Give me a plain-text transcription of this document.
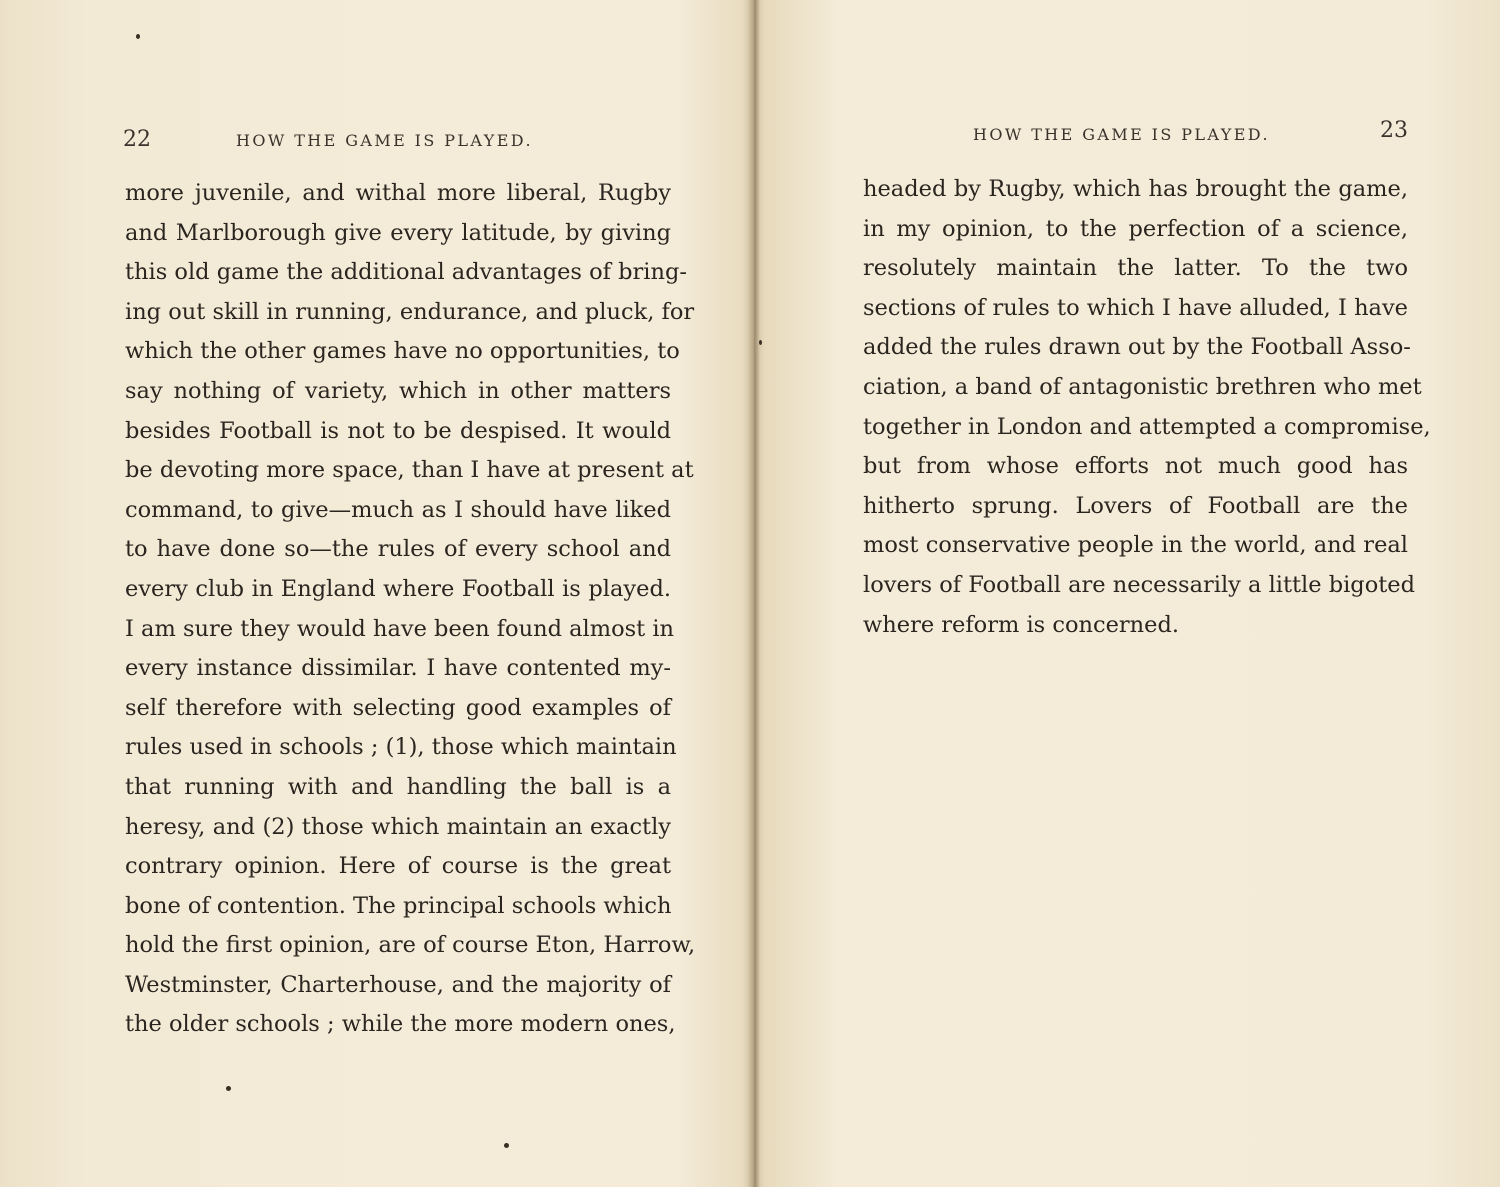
22	HOW THE GAME IS PLAYED.
more juvenile, and withal more liberal, Rugby
and Marlborough give every latitude, by giving
this old game the additional advantages of bring-
ing out skill in running, endurance, and pluck, for
which the other games have no opportunities, to
say nothing of variety, which in other matters
besides Football is not to be despised. It would
be devoting more space, than I have at present at
command, to give—much as I should have liked
to have done so—the rules of every school and
every club in England where Football is played.
I am sure they would have been found almost in
every instance dissimilar. I have contented my-
self therefore with selecting good examples of
rules used in schools ; (1), those which maintain
that running with and handling the ball is a
heresy, and (2) those which maintain an exactly
contrary opinion. Here of course is the great
bone of contention. The principal schools which
hold the first opinion, are of course Eton, Harrow,
Westminster, Charterhouse, and the majority of
the older schools ; while the more modern ones,
HOW THE GAME IS PLAYED.	23
headed by Rugby, which has brought the game,
in my opinion, to the perfection of a science,
resolutely maintain the latter. To the two
sections of rules to which I have alluded, I have
added the rules drawn out by the Football Asso-
ciation, a band of antagonistic brethren who met
together in London and attempted a compromise,
but from whose efforts not much good has
hitherto sprung. Lovers of Football are the
most conservative people in the world, and real
lovers of Football are necessarily a little bigoted
where reform is concerned.
